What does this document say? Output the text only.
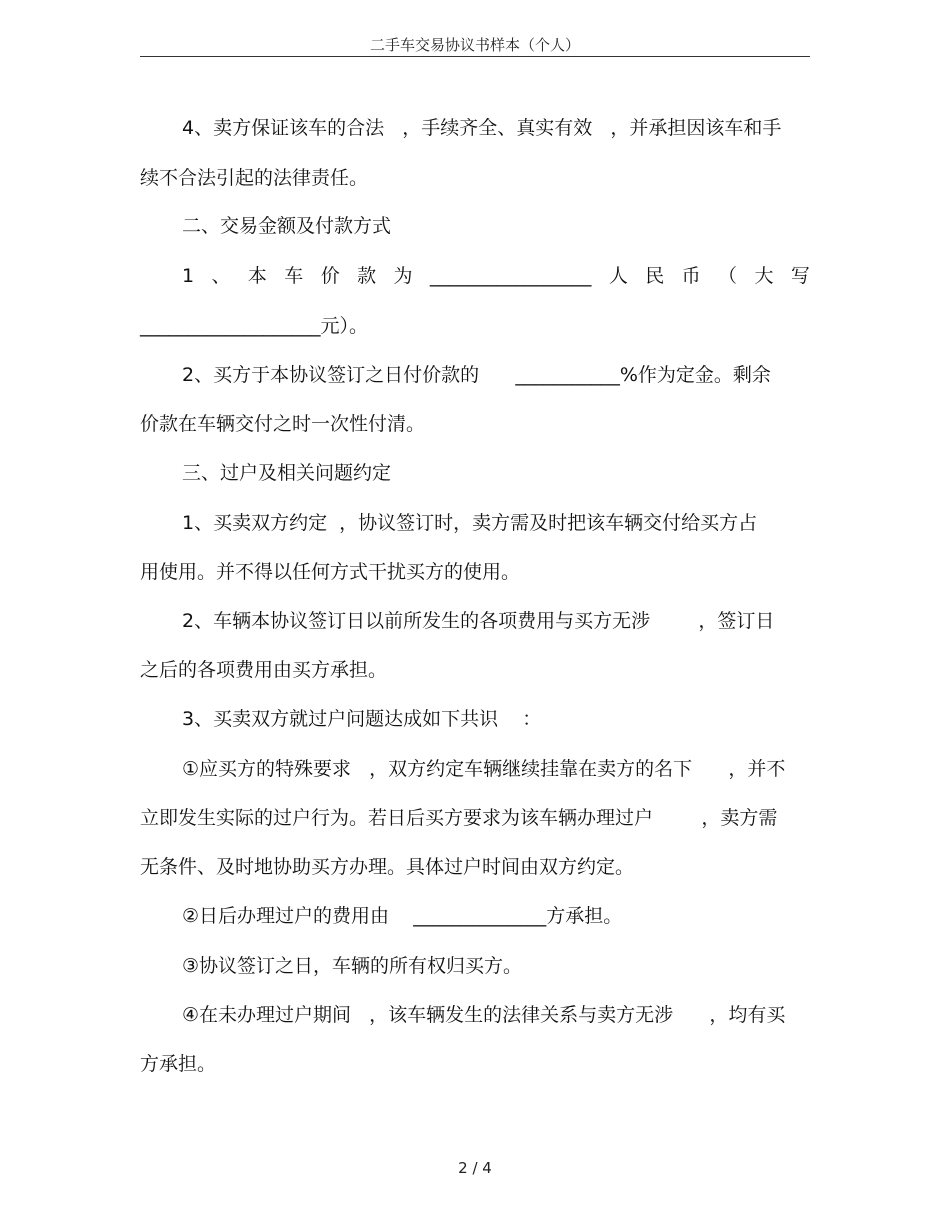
二手车交易协议书样本（个人）
4、卖方保证该车的合法   ，手续齐全、真实有效   ，并承担因该车和手
续不合法引起的法律责任。
二、交易金额及付款方式
1 、 本 车 价 款 为 _________________ 人 民 币 （ 大 写
___________________元）。
2、买方于本协议签订之日付价款的      ___________%作为定金。剩余
价款在车辆交付之时一次性付清。
三、过户及相关问题约定
1、买卖双方约定  ，协议签订时，卖方需及时把该车辆交付给买方占
用使用。并不得以任何方式干扰买方的使用。
2、车辆本协议签订日以前所发生的各项费用与买方无涉        ，签订日
之后的各项费用由买方承担。
3、买卖双方就过户问题达成如下共识    ：
①应买方的特殊要求   ，双方约定车辆继续挂靠在卖方的名下      ，并不
立即发生实际的过户行为。若日后买方要求为该车辆办理过户        ，卖方需
无条件、及时地协助买方办理。具体过户时间由双方约定。
②日后办理过户的费用由    ______________方承担。
③协议签订之日，车辆的所有权归买方。
④在未办理过户期间   ，该车辆发生的法律关系与卖方无涉      ，均有买
方承担。
2 / 4
